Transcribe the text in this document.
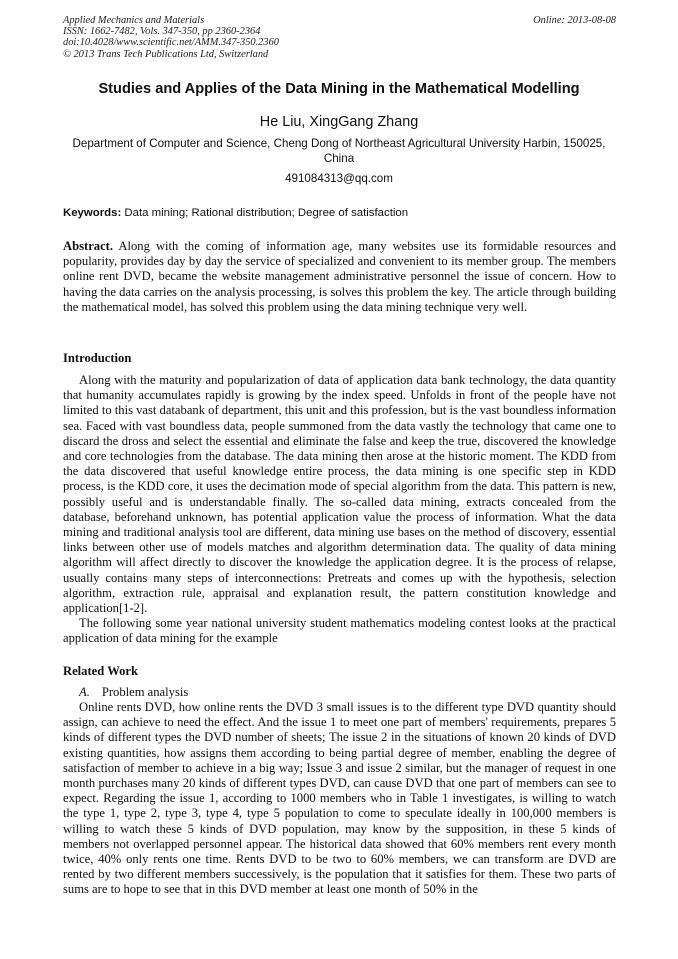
Applied Mechanics and Materials
ISSN: 1662-7482, Vols. 347-350, pp 2360-2364
doi:10.4028/www.scientific.net/AMM.347-350.2360
© 2013 Trans Tech Publications Ltd, Switzerland
Online: 2013-08-08
Studies and Applies of the Data Mining in the Mathematical Modelling
He Liu, XingGang Zhang
Department of Computer and Science, Cheng Dong of Northeast Agricultural University Harbin, 150025, China
491084313@qq.com
Keywords: Data mining; Rational distribution; Degree of satisfaction

Abstract. Along with the coming of information age, many websites use its formidable resources and popularity, provides day by day the service of specialized and convenient to its member group. The members online rent DVD, became the website management administrative personnel the issue of concern. How to having the data carries on the analysis processing, is solves this problem the key. The article through building the mathematical model, has solved this problem using the data mining technique very well.

Introduction

Along with the maturity and popularization of data of application data bank technology, the data quantity that humanity accumulates rapidly is growing by the index speed. Unfolds in front of the people have not limited to this vast databank of department, this unit and this profession, but is the vast boundless information sea. Faced with vast boundless data, people summoned from the data vastly the technology that came one to discard the dross and select the essential and eliminate the false and keep the true, discovered the knowledge and core technologies from the database. The data mining then arose at the historic moment. The KDD from the data discovered that useful knowledge entire process, the data mining is one specific step in KDD process, is the KDD core, it uses the decimation mode of special algorithm from the data. This pattern is new, possibly useful and is understandable finally. The so-called data mining, extracts concealed from the database, beforehand unknown, has potential application value the process of information. What the data mining and traditional analysis tool are different, data mining use bases on the method of discovery, essential links between other use of models matches and algorithm determination data. The quality of data mining algorithm will affect directly to discover the knowledge the application degree. It is the process of relapse, usually contains many steps of interconnections: Pretreats and comes up with the hypothesis, selection algorithm, extraction rule, appraisal and explanation result, the pattern constitution knowledge and application[1-2].

The following some year national university student mathematics modeling contest looks at the practical application of data mining for the example

Related Work
A. Problem analysis

Online rents DVD, how online rents the DVD 3 small issues is to the different type DVD quantity should assign, can achieve to need the effect. And the issue 1 to meet one part of members' requirements, prepares 5 kinds of different types the DVD number of sheets; The issue 2 in the situations of known 20 kinds of DVD existing quantities, how assigns them according to being partial degree of member, enabling the degree of satisfaction of member to achieve in a big way; Issue 3 and issue 2 similar, but the manager of request in one month purchases many 20 kinds of different types DVD, can cause DVD that one part of members can see to expect. Regarding the issue 1, according to 1000 members who in Table 1 investigates, is willing to watch the type 1, type 2, type 3, type 4, type 5 population to come to speculate ideally in 100,000 members is willing to watch these 5 kinds of DVD population, may know by the supposition, in these 5 kinds of members not overlapped personnel appear. The historical data showed that 60% members rent every month twice, 40% only rents one time. Rents DVD to be two to 60% members, we can transform are DVD are rented by two different members successively, is the population that it satisfies for them. These two parts of sums are to hope to see that in this DVD member at least one month of 50% in the
